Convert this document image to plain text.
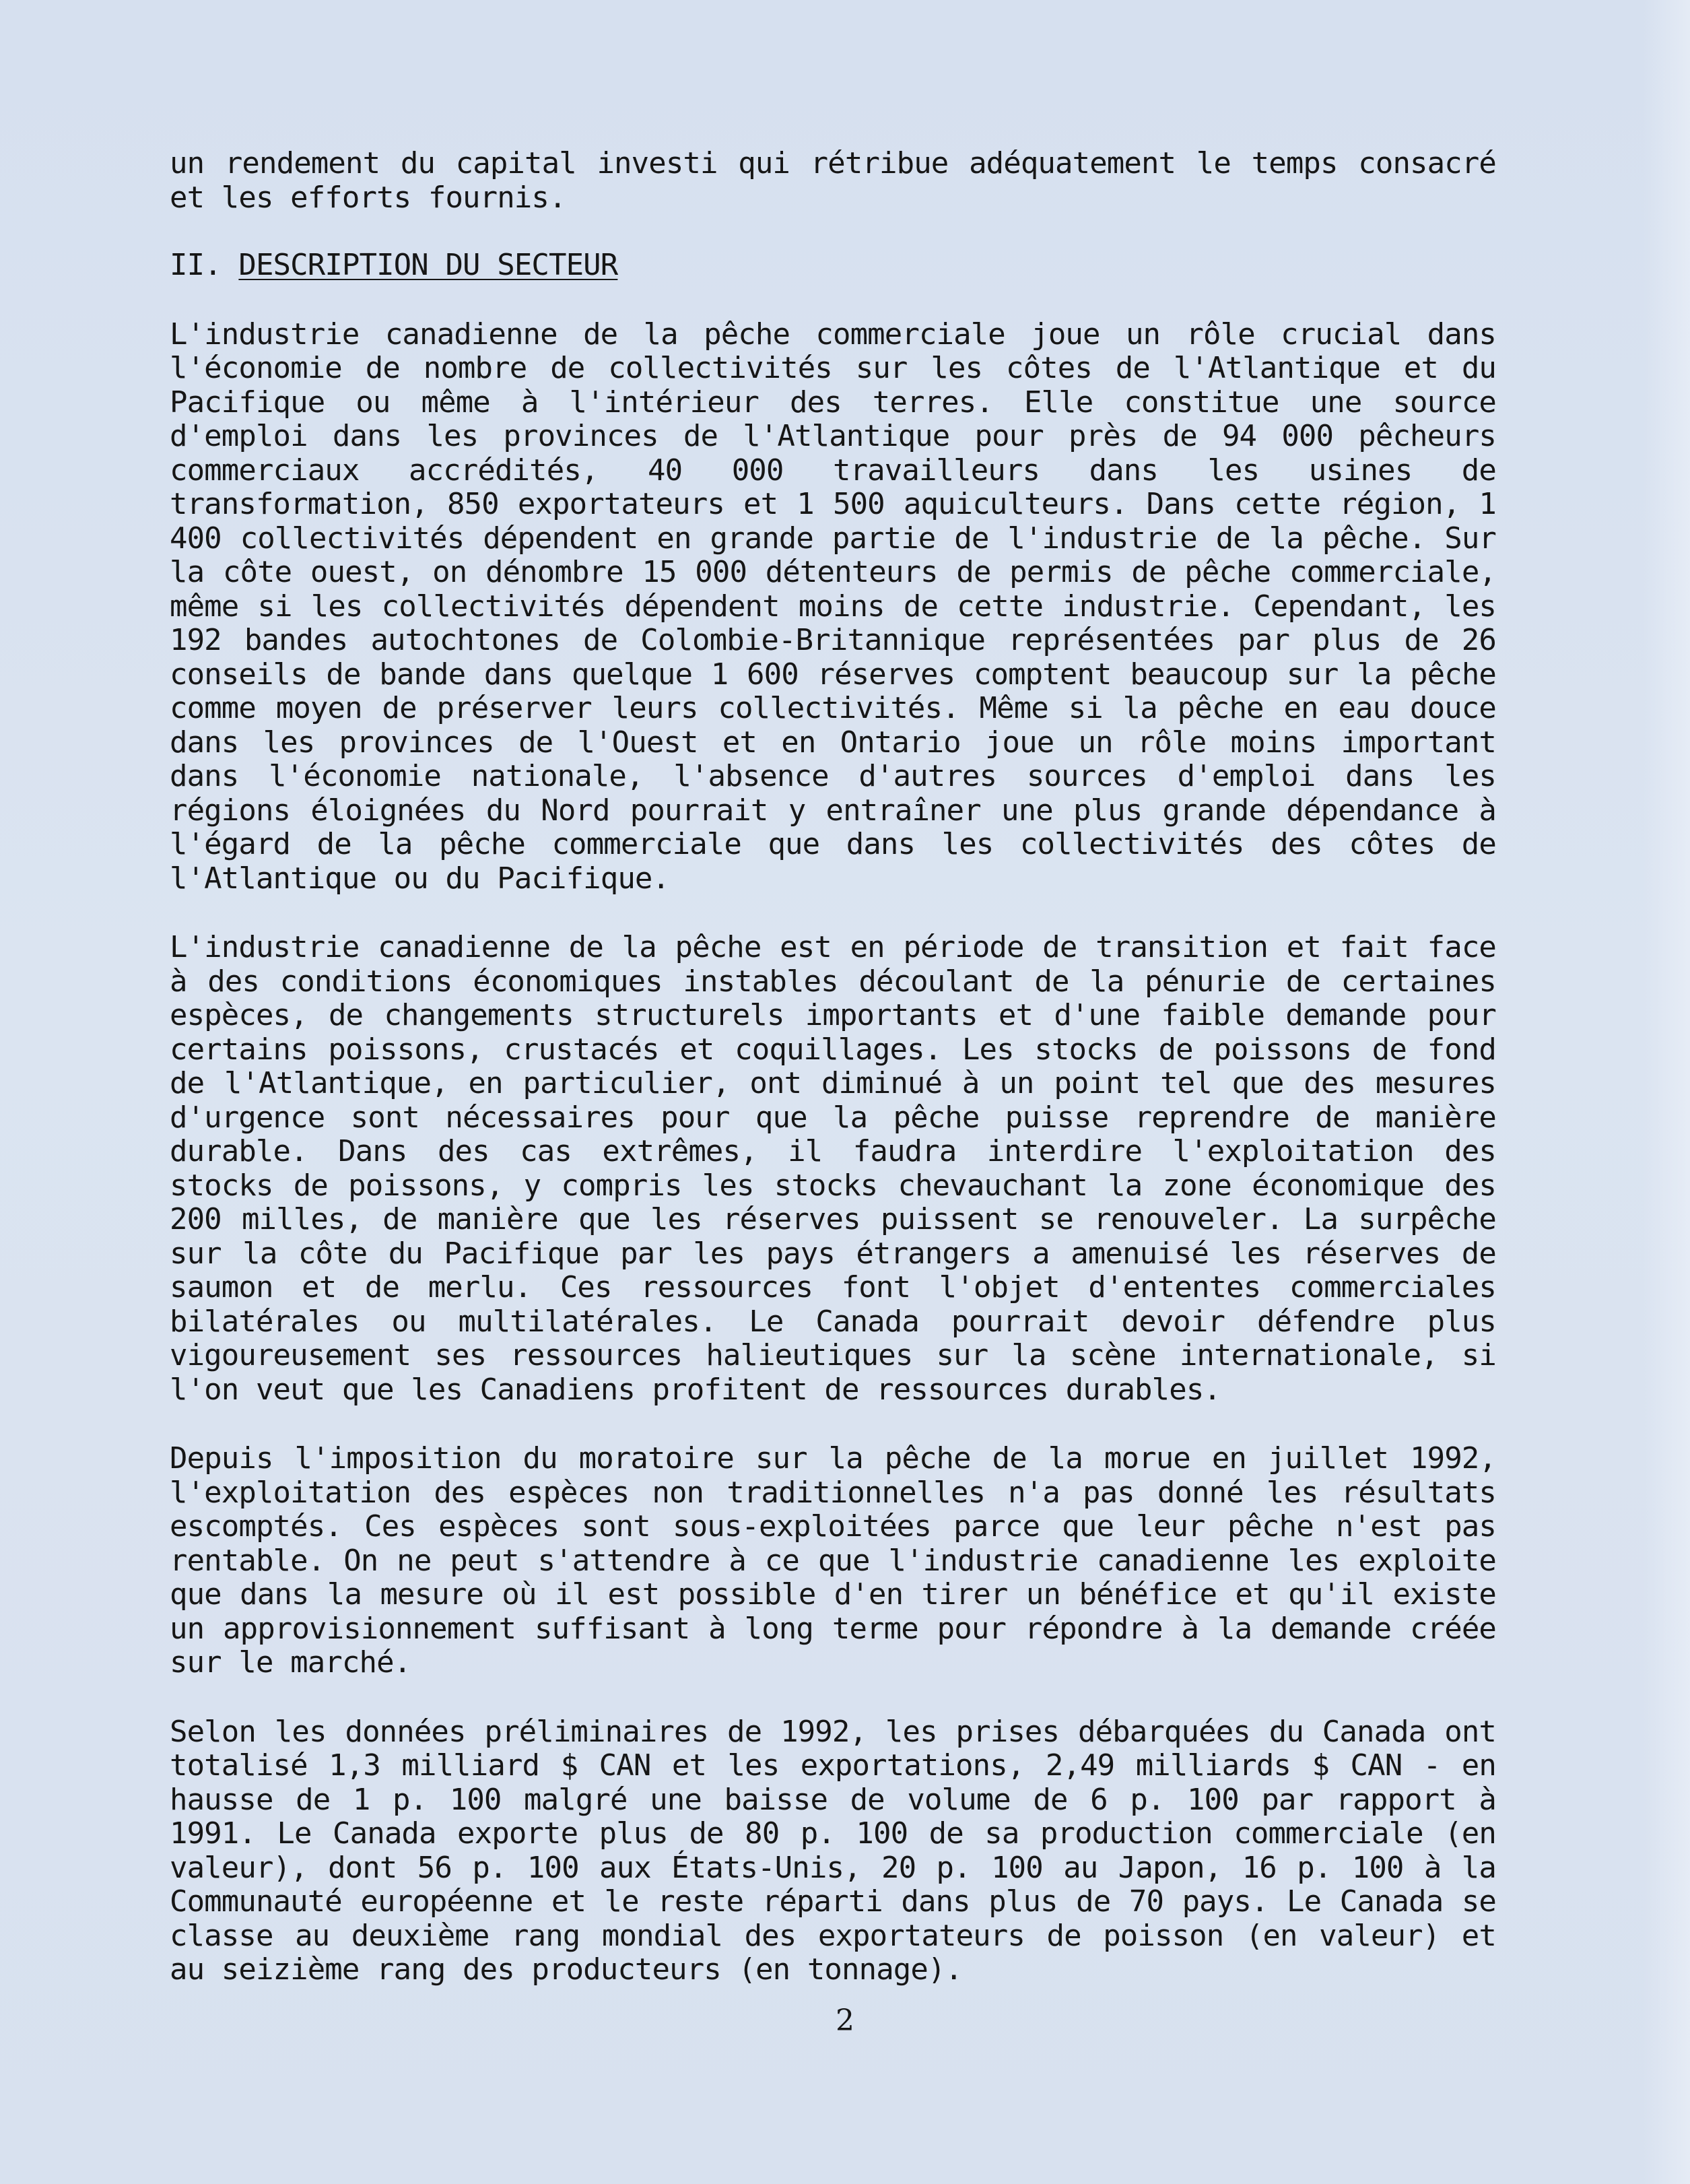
un rendement du capital investi qui rétribue adéquatement le temps consacré et les efforts fournis.

II. DESCRIPTION DU SECTEUR

L'industrie canadienne de la pêche commerciale joue un rôle crucial dans l'économie de nombre de collectivités sur les côtes de l'Atlantique et du Pacifique ou même à l'intérieur des terres. Elle constitue une source d'emploi dans les provinces de l'Atlantique pour près de 94 000 pêcheurs commerciaux accrédités, 40 000 travailleurs dans les usines de transformation, 850 exportateurs et 1 500 aquiculteurs. Dans cette région, 1 400 collectivités dépendent en grande partie de l'industrie de la pêche. Sur la côte ouest, on dénombre 15 000 détenteurs de permis de pêche commerciale, même si les collectivités dépendent moins de cette industrie. Cependant, les 192 bandes autochtones de Colombie-Britannique représentées par plus de 26 conseils de bande dans quelque 1 600 réserves comptent beaucoup sur la pêche comme moyen de préserver leurs collectivités. Même si la pêche en eau douce dans les provinces de l'Ouest et en Ontario joue un rôle moins important dans l'économie nationale, l'absence d'autres sources d'emploi dans les régions éloignées du Nord pourrait y entraîner une plus grande dépendance à l'égard de la pêche commerciale que dans les collectivités des côtes de l'Atlantique ou du Pacifique.

L'industrie canadienne de la pêche est en période de transition et fait face à des conditions économiques instables découlant de la pénurie de certaines espèces, de changements structurels importants et d'une faible demande pour certains poissons, crustacés et coquillages. Les stocks de poissons de fond de l'Atlantique, en particulier, ont diminué à un point tel que des mesures d'urgence sont nécessaires pour que la pêche puisse reprendre de manière durable. Dans des cas extrêmes, il faudra interdire l'exploitation des stocks de poissons, y compris les stocks chevauchant la zone économique des 200 milles, de manière que les réserves puissent se renouveler. La surpêche sur la côte du Pacifique par les pays étrangers a amenuisé les réserves de saumon et de merlu. Ces ressources font l'objet d'ententes commerciales bilatérales ou multilatérales. Le Canada pourrait devoir défendre plus vigoureusement ses ressources halieutiques sur la scène internationale, si l'on veut que les Canadiens profitent de ressources durables.

Depuis l'imposition du moratoire sur la pêche de la morue en juillet 1992, l'exploitation des espèces non traditionnelles n'a pas donné les résultats escomptés. Ces espèces sont sous-exploitées parce que leur pêche n'est pas rentable. On ne peut s'attendre à ce que l'industrie canadienne les exploite que dans la mesure où il est possible d'en tirer un bénéfice et qu'il existe un approvisionnement suffisant à long terme pour répondre à la demande créée sur le marché.

Selon les données préliminaires de 1992, les prises débarquées du Canada ont totalisé 1,3 milliard $ CAN et les exportations, 2,49 milliards $ CAN - en hausse de 1 p. 100 malgré une baisse de volume de 6 p. 100 par rapport à 1991. Le Canada exporte plus de 80 p. 100 de sa production commerciale (en valeur), dont 56 p. 100 aux États-Unis, 20 p. 100 au Japon, 16 p. 100 à la Communauté européenne et le reste réparti dans plus de 70 pays. Le Canada se classe au deuxième rang mondial des exportateurs de poisson (en valeur) et au seizième rang des producteurs (en tonnage).

2
